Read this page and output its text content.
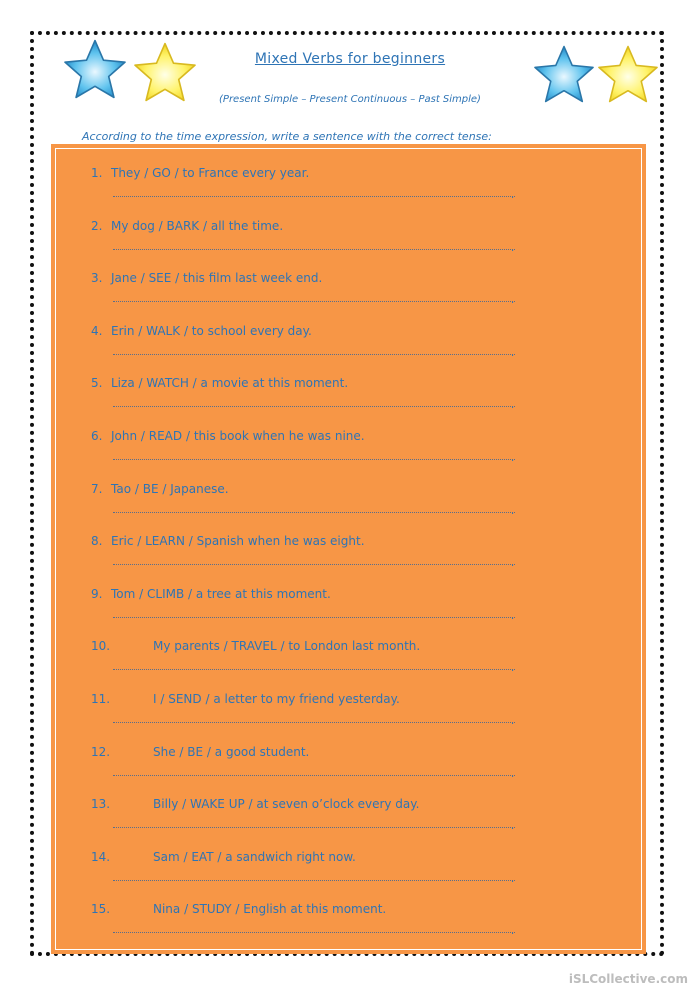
Mixed Verbs for beginners
(Present Simple – Present Continuous – Past Simple)
According to the time expression, write a sentence with the correct tense:
1. They / GO / to France every year.
.
2. My dog / BARK / all the time.
.
3. Jane / SEE / this film last week end.
.
4. Erin / WALK / to school every day.
.
5. Liza / WATCH / a movie at this moment.
.
6. John / READ / this book when he was nine.
.
7. Tao / BE / Japanese.
.
8. Eric / LEARN / Spanish when he was eight.
.
9. Tom / CLIMB / a tree at this moment.
.
10.	My parents / TRAVEL / to London last month.
.
11.	I / SEND / a letter to my friend yesterday.
.
12.	She / BE / a good student.
.
13.	Billy / WAKE UP / at seven o’clock every day.
.
14.	Sam / EAT / a sandwich right now.
.
15.	Nina / STUDY / English at this moment.
.
iSLCollective.com
